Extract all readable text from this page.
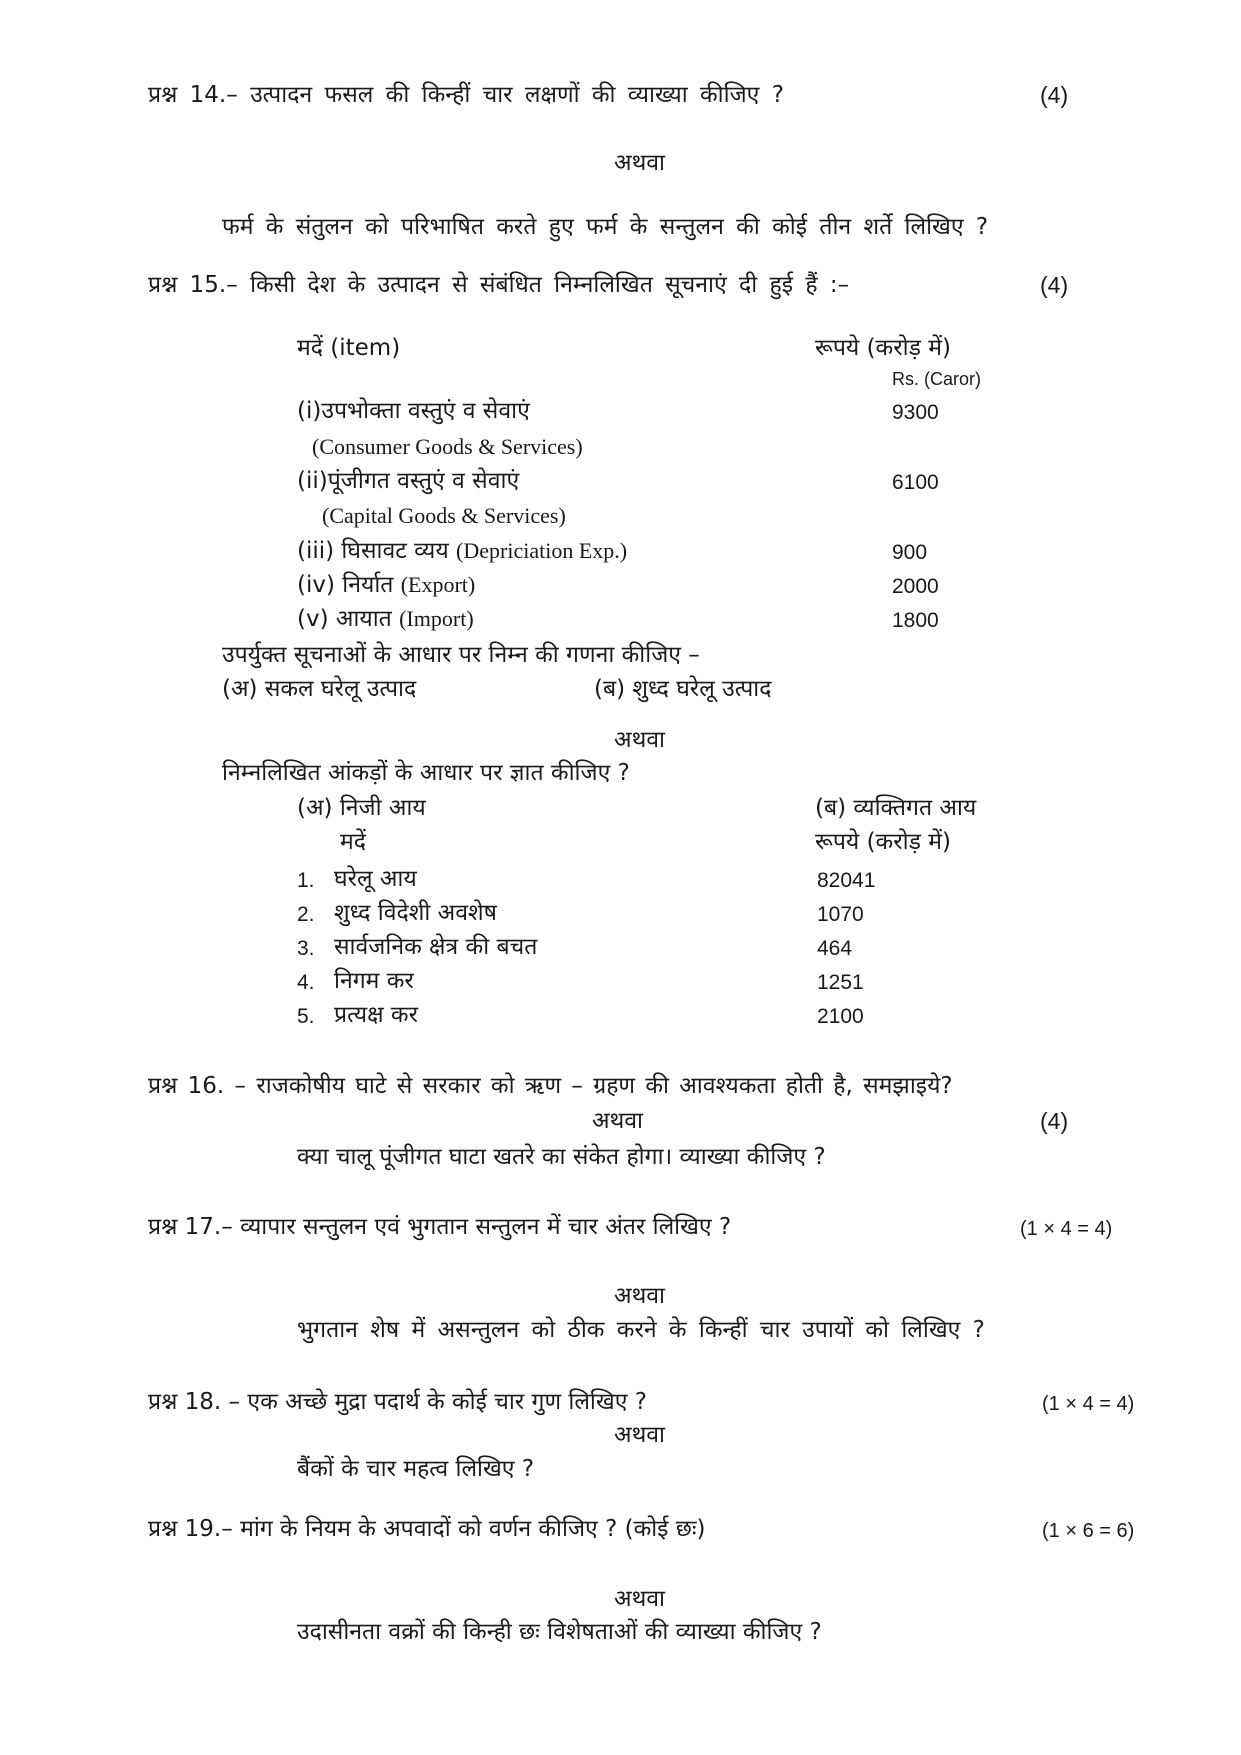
प्रश्न 14.– उत्पादन फसल की किन्हीं चार लक्षणों की व्याख्या कीजिए ?	(4)
अथवा
फर्म के संतुलन को परिभाषित करते हुए फर्म के सन्तुलन की कोई तीन शर्ते लिखिए ?
प्रश्न 15.– किसी देश के उत्पादन से संबंधित निम्नलिखित सूचनाएं दी हुई हैं :–	(4)
मदें (item)	रूपये (करोड़ में)
Rs. (Caror)
(i)उपभोक्ता वस्तुएं व सेवाएं	9300
(Consumer Goods & Services)
(ii)पूंजीगत वस्तुएं व सेवाएं	6100
(Capital Goods & Services)
(iii) घिसावट व्यय (Depriciation Exp.)	900
(iv) निर्यात (Export)	2000
(v) आयात (Import)	1800
उपर्युक्त सूचनाओं के आधार पर निम्न की गणना कीजिए –
(अ) सकल घरेलू उत्पाद	(ब) शुध्द घरेलू उत्पाद
अथवा
निम्नलिखित आंकड़ों के आधार पर ज्ञात कीजिए ?
(अ) निजी आय	(ब) व्यक्तिगत आय
मदें	रूपये (करोड़ में)
1. घरेलू आय	82041
2. शुध्द विदेशी अवशेष	1070
3. सार्वजनिक क्षेत्र की बचत	464
4. निगम कर	1251
5. प्रत्यक्ष कर	2100
प्रश्न 16. – राजकोषीय घाटे से सरकार को ऋण – ग्रहण की आवश्यकता होती है, समझाइये?
अथवा	(4)
क्या चालू पूंजीगत घाटा खतरे का संकेत होगा। व्याख्या कीजिए ?
प्रश्न 17.– व्यापार सन्तुलन एवं भुगतान सन्तुलन में चार अंतर लिखिए ?	(1 × 4 = 4)
अथवा
भुगतान शेष में असन्तुलन को ठीक करने के किन्हीं चार उपायों को लिखिए ?
प्रश्न 18. – एक अच्छे मुद्रा पदार्थ के कोई चार गुण लिखिए ?	(1 × 4 = 4)
अथवा
बैंकों के चार महत्व लिखिए ?
प्रश्न 19.– मांग के नियम के अपवादों को वर्णन कीजिए ? (कोई छः)	(1 × 6 = 6)
अथवा
उदासीनता वक्रों की किन्ही छः विशेषताओं की व्याख्या कीजिए ?
